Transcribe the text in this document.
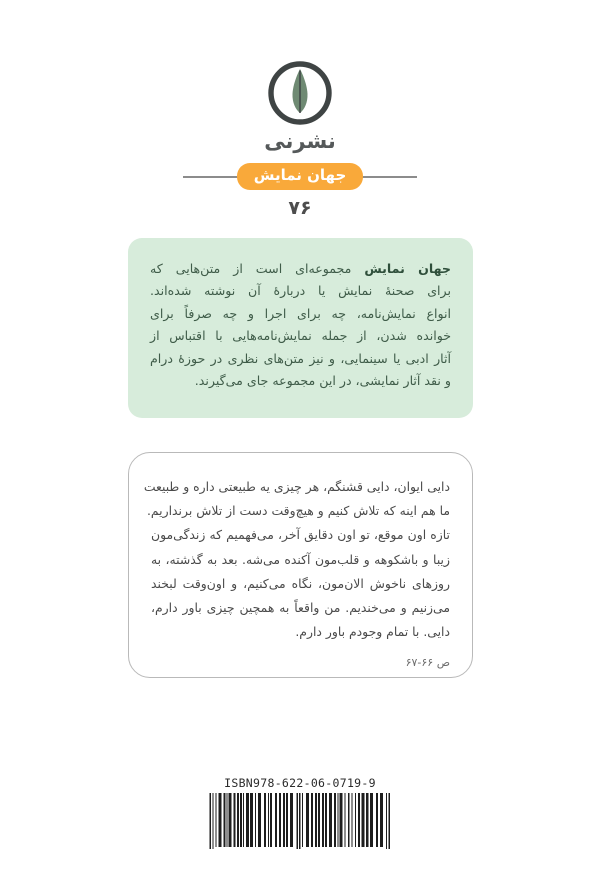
نشرنی
جهان نمایش
۷۶
جهان نمایش مجموعه‌ای است از متن‌هایی که
برای صحنهٔ نمایش یا دربارهٔ آن نوشته شده‌اند.
انواع نمایش‌نامه، چه برای اجرا و چه صرفاً برای
خوانده شدن، از جمله نمایش‌نامه‌هایی با اقتباس از
آثار ادبی یا سینمایی، و نیز متن‌های نظری در حوزهٔ درام
و نقد آثار نمایشی، در این مجموعه جای می‌گیرند.
دایی ایوان، دایی قشنگم، هر چیزی یه طبیعتی داره و طبیعت
ما هم اینه که تلاش کنیم و هیچ‌وقت دست از تلاش برنداریم.
تازه اون موقع، تو اون دقایق آخر، می‌فهمیم که زندگی‌مون
زیبا و باشکوهه و قلب‌مون آکنده می‌شه. بعد به گذشته، به
روزهای ناخوش الان‌مون، نگاه می‌کنیم، و اون‌وقت لبخند
می‌زنیم و می‌خندیم. من واقعاً به همچین چیزی باور دارم،
دایی. با تمام وجودم باور دارم.
ص ۶۶-۶۷
ISBN978-622-06-0719-9
